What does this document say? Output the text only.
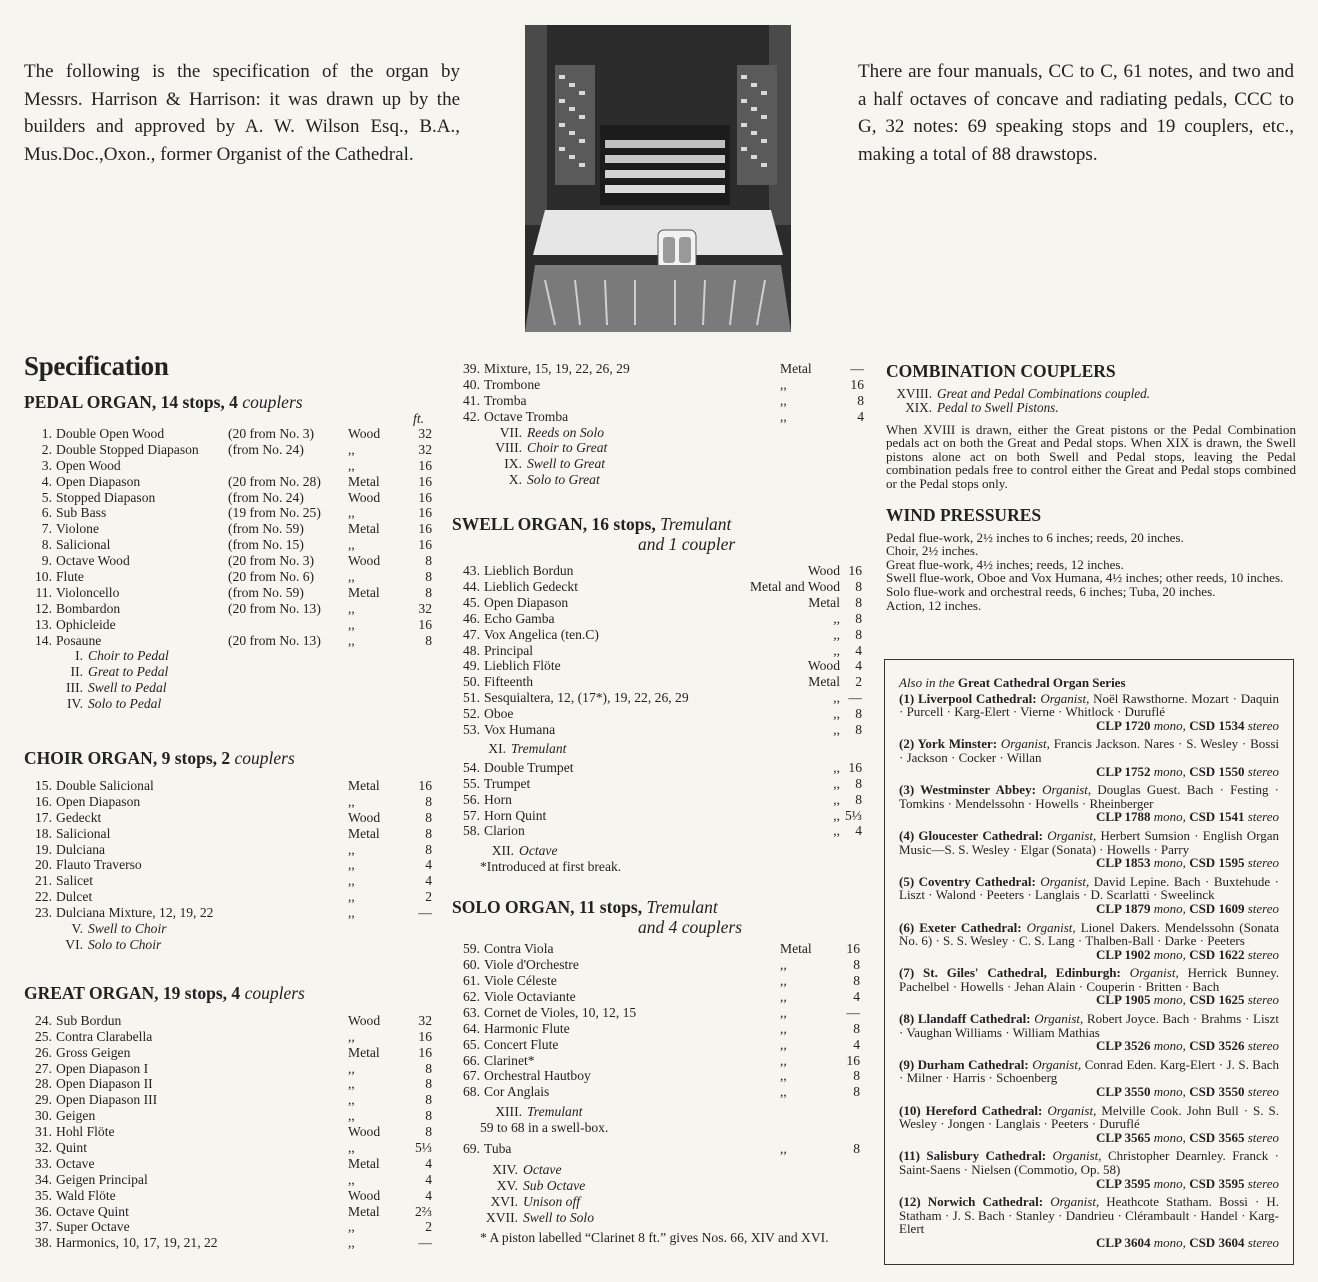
The following is the specification of the organ by Messrs. Harrison & Harrison: it was drawn up by the builders and approved by A. W. Wilson Esq., B.A., Mus.Doc.,Oxon., former Organist of the Cathedral.
There are four manuals, CC to C, 61 notes, and two and a half octaves of concave and radiating pedals, CCC to G, 32 notes: 69 speaking stops and 19 couplers, etc., making a total of 88 drawstops.
Specification
PEDAL ORGAN, 14 stops, 4 couplers
ft.
1. Double Open Wood	(20 from No. 3)	Wood	32
2. Double Stopped Diapason	(from No. 24)	,,	32
3. Open Wood	,,	16
4. Open Diapason	(20 from No. 28)	Metal	16
5. Stopped Diapason	(from No. 24)	Wood	16
6. Sub Bass	(19 from No. 25)	,,	16
7. Violone	(from No. 59)	Metal	16
8. Salicional	(from No. 15)	,,	16
9. Octave Wood	(20 from No. 3)	Wood	8
10. Flute	(20 from No. 6)	,,	8
11. Violoncello	(from No. 59)	Metal	8
12. Bombardon	(20 from No. 13)	,,	32
13. Ophicleide	,,	16
14. Posaune	(20 from No. 13)	,,	8
I. Choir to Pedal
II. Great to Pedal
III. Swell to Pedal
IV. Solo to Pedal
CHOIR ORGAN, 9 stops, 2 couplers
15. Double Salicional	Metal	16
16. Open Diapason	,,	8
17. Gedeckt	Wood	8
18. Salicional	Metal	8
19. Dulciana	,,	8
20. Flauto Traverso	,,	4
21. Salicet	,,	4
22. Dulcet	,,	2
23. Dulciana Mixture, 12, 19, 22	,,	—
V. Swell to Choir
VI. Solo to Choir
GREAT ORGAN, 19 stops, 4 couplers
24. Sub Bordun	Wood	32
25. Contra Clarabella	,,	16
26. Gross Geigen	Metal	16
27. Open Diapason I	,,	8
28. Open Diapason II	,,	8
29. Open Diapason III	,,	8
30. Geigen	,,	8
31. Hohl Flöte	Wood	8
32. Quint	,,	5⅓
33. Octave	Metal	4
34. Geigen Principal	,,	4
35. Wald Flöte	Wood	4
36. Octave Quint	Metal	2⅔
37. Super Octave	,,	2
38. Harmonics, 10, 17, 19, 21, 22	,,	—
39. Mixture, 15, 19, 22, 26, 29	Metal	—
40. Trombone	,,	16
41. Tromba	,,	8
42. Octave Tromba	,,	4
VII. Reeds on Solo
VIII. Choir to Great
IX. Swell to Great
X. Solo to Great
SWELL ORGAN, 16 stops, Tremulant
and 1 coupler
43. Lieblich Bordun	Wood 16
44. Lieblich Gedeckt	Metal and Wood	8
45. Open Diapason	Metal	8
46. Echo Gamba	,,	8
47. Vox Angelica (ten.C)	,,	8
48. Principal	,,	4
49. Lieblich Flöte	Wood	4
50. Fifteenth	Metal	2
51. Sesquialtera, 12, (17*), 19, 22, 26, 29	,, —
52. Oboe	,,	8
53. Vox Humana	,,	8
XI. Tremulant
54. Double Trumpet	,, 16
55. Trumpet	,,	8
56. Horn	,,	8
57. Horn Quint	,, 5⅓
58. Clarion	,,	4
XII. Octave
*Introduced at first break.
SOLO ORGAN, 11 stops, Tremulant
and 4 couplers
59. Contra Viola	Metal	16
60. Viole d'Orchestre	,,	8
61. Viole Céleste	,,	8
62. Viole Octaviante	,,	4
63. Cornet de Violes, 10, 12, 15	,,	—
64. Harmonic Flute	,,	8
65. Concert Flute	,,	4
66. Clarinet*	,,	16
67. Orchestral Hautboy	,,	8
68. Cor Anglais	,,	8
XIII. Tremulant
59 to 68 in a swell-box.
69. Tuba	,,	8
XIV. Octave
XV. Sub Octave
XVI. Unison off
XVII. Swell to Solo
* A piston labelled “Clarinet 8 ft.” gives Nos. 66, XIV and XVI.
COMBINATION COUPLERS
XVIII. Great and Pedal Combinations coupled.
XIX. Pedal to Swell Pistons.

When XVIII is drawn, either the Great pistons or the Pedal Combination pedals act on both the Great and Pedal stops. When XIX is drawn, the Swell pistons alone act on both Swell and Pedal stops, leaving the Pedal combination pedals free to control either the Great and Pedal stops combined or the Pedal stops only.

WIND PRESSURES

Pedal flue-work, 2½ inches to 6 inches; reeds, 20 inches.

Choir, 2½ inches.

Great flue-work, 4½ inches; reeds, 12 inches.

Swell flue-work, Oboe and Vox Humana, 4½ inches; other reeds, 10 inches.

Solo flue-work and orchestral reeds, 6 inches; Tuba, 20 inches.

Action, 12 inches.

Also in the Great Cathedral Organ Series

(1) Liverpool Cathedral: Organist, Noël Rawsthorne. Mozart · Daquin · Purcell · Karg-Elert · Vierne · Whitlock · Duruflé
CLP 1720 mono, CSD 1534 stereo

(2) York Minster: Organist, Francis Jackson. Nares · S. Wesley · Bossi · Jackson · Cocker · Willan
CLP 1752 mono, CSD 1550 stereo

(3) Westminster Abbey: Organist, Douglas Guest. Bach · Festing · Tomkins · Mendelssohn · Howells · Rheinberger
CLP 1788 mono, CSD 1541 stereo

(4) Gloucester Cathedral: Organist, Herbert Sumsion · English Organ Music—S. S. Wesley · Elgar (Sonata) · Howells · Parry
CLP 1853 mono, CSD 1595 stereo

(5) Coventry Cathedral: Organist, David Lepine. Bach · Buxtehude · Liszt · Walond · Peeters · Langlais · D. Scarlatti · Sweelinck
CLP 1879 mono, CSD 1609 stereo

(6) Exeter Cathedral: Organist, Lionel Dakers. Mendelssohn (Sonata No. 6) · S. S. Wesley · C. S. Lang · Thalben-Ball · Darke · Peeters
CLP 1902 mono, CSD 1622 stereo

(7) St. Giles' Cathedral, Edinburgh: Organist, Herrick Bunney. Pachelbel · Howells · Jehan Alain · Couperin · Britten · Bach
CLP 1905 mono, CSD 1625 stereo

(8) Llandaff Cathedral: Organist, Robert Joyce. Bach · Brahms · Liszt · Vaughan Williams · William Mathias
CLP 3526 mono, CSD 3526 stereo

(9) Durham Cathedral: Organist, Conrad Eden. Karg-Elert · J. S. Bach · Milner · Harris · Schoenberg
CLP 3550 mono, CSD 3550 stereo

(10) Hereford Cathedral: Organist, Melville Cook. John Bull · S. S. Wesley · Jongen · Langlais · Peeters · Duruflé
CLP 3565 mono, CSD 3565 stereo

(11) Salisbury Cathedral: Organist, Christopher Dearnley. Franck · Saint-Saens · Nielsen (Commotio, Op. 58)
CLP 3595 mono, CSD 3595 stereo

(12) Norwich Cathedral: Organist, Heathcote Statham. Bossi · H. Statham · J. S. Bach · Stanley · Dandrieu · Clérambault · Handel · Karg-Elert
CLP 3604 mono, CSD 3604 stereo
